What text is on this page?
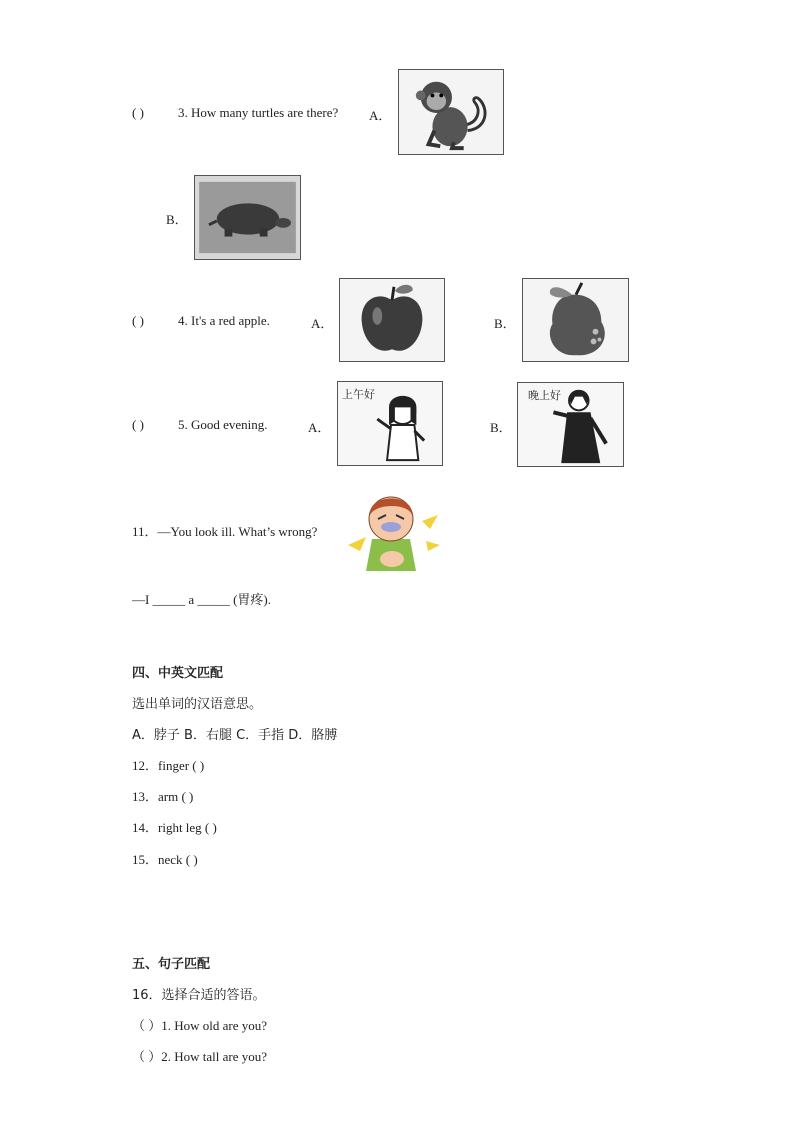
( )	3. How many turtles are there? A．
B．
( )	4. It's a red apple.	A．	B．
( )	5. Good evening.	A．
上午好
B．
晚上好
11．—You look ill. What’s wrong?
—I _____ a _____ (胃疼).
四、中英文匹配
选出单词的汉语意思。
A．脖子 B．右腿 C．手指 D．胳膊
12．finger ( )
13．arm ( )
14．right leg ( )
15．neck ( )
五、句子匹配
16．选择合适的答语。
（ ）1. How old are you?
（ ）2. How tall are you?
